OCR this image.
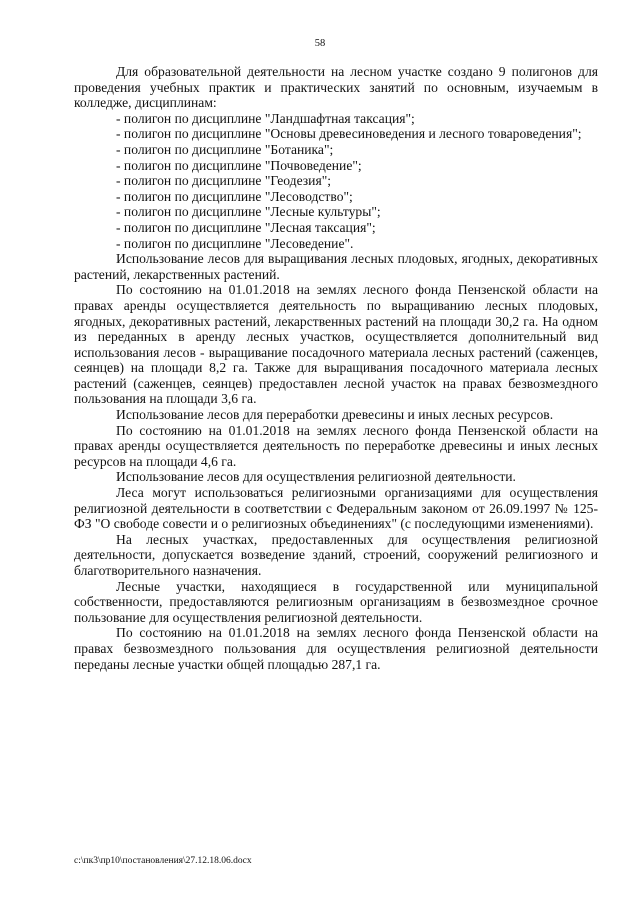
58

Для образовательной деятельности на лесном участке создано 9 полигонов для проведения учебных практик и практических занятий по основным, изучаемым в колледже, дисциплинам:

- полигон по дисциплине "Ландшафтная таксация";

- полигон по дисциплине "Основы древесиноведения и лесного товароведения";

- полигон по дисциплине "Ботаника";

- полигон по дисциплине "Почвоведение";

- полигон по дисциплине "Геодезия";

- полигон по дисциплине "Лесоводство";

- полигон по дисциплине "Лесные культуры";

- полигон по дисциплине "Лесная таксация";

- полигон по дисциплине "Лесоведение".

Использование лесов для выращивания лесных плодовых, ягодных, декоративных растений, лекарственных растений.

По состоянию на 01.01.2018 на землях лесного фонда Пензенской области на правах аренды осуществляется деятельность по выращиванию лесных плодовых, ягодных, декоративных растений, лекарственных растений на площади 30,2 га. На одном из переданных в аренду лесных участков, осуществляется дополнительный вид использования лесов - выращивание посадочного материала лесных растений (саженцев, сеянцев) на площади 8,2 га. Также для выращивания посадочного материала лесных растений (саженцев, сеянцев) предоставлен лесной участок на правах безвозмездного пользования на площади 3,6 га.

Использование лесов для переработки древесины и иных лесных ресурсов.

По состоянию на 01.01.2018 на землях лесного фонда Пензенской области на правах аренды осуществляется деятельность по переработке древесины и иных лесных ресурсов на площади 4,6 га.

Использование лесов для осуществления религиозной деятельности.

Леса могут использоваться религиозными организациями для осуществления религиозной деятельности в соответствии с Федеральным законом от 26.09.1997 № 125-ФЗ "О свободе совести и о религиозных объединениях" (с последующими изменениями).

На лесных участках, предоставленных для осуществления религиозной деятельности, допускается возведение зданий, строений, сооружений религиозного и благотворительного назначения.

Лесные участки, находящиеся в государственной или муниципальной собственности, предоставляются религиозным организациям в безвозмездное срочное пользование для осуществления религиозной деятельности.

По состоянию на 01.01.2018 на землях лесного фонда Пензенской области на правах безвозмездного пользования для осуществления религиозной деятельности переданы лесные участки общей площадью 287,1 га.

c:\пк3\пр10\постановления\27.12.18.06.docx
